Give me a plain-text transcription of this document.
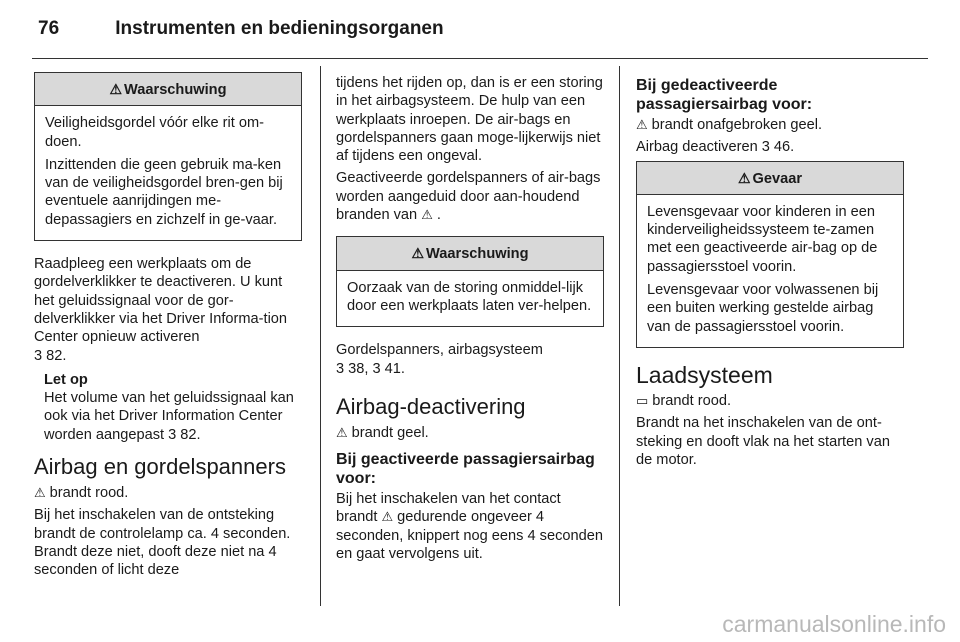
76	Instrumenten en bedieningsorganen
⚠ Waarschuwing

Veiligheidsgordel vóór elke rit om-doen.

Inzittenden die geen gebruik ma-ken van de veiligheidsgordel bren-gen bij eventuele aanrijdingen me-depassagiers en zichzelf in ge-vaar.

Raadpleeg een werkplaats om de gordelverklikker te deactiveren. U kunt het geluidssignaal voor de gor-delverklikker via het Driver Informa-tion Center opnieuw activeren
3 82.

Let op
Het volume van het geluidssignaal kan ook via het Driver Information Center worden aangepast 3 82.
Airbag en gordelspanners

⚠ brandt rood.

Bij het inschakelen van de ontsteking brandt de controlelamp ca. 4 seconden. Brandt deze niet, dooft deze niet na 4 seconden of licht deze

tijdens het rijden op, dan is er een storing in het airbagsysteem. De hulp van een werkplaats inroepen. De air-bags en gordelspanners gaan moge-lijkerwijs niet af tijdens een ongeval.

Geactiveerde gordelspanners of air-bags worden aangeduid door aan-houdend branden van ⚠ .

⚠ Waarschuwing

Oorzaak van de storing onmiddel-lijk door een werkplaats laten ver-helpen.

Gordelspanners, airbagsysteem
3 38, 3 41.

Airbag-deactivering

⚠ brandt geel.

Bij geactiveerde passagiersairbag voor:

Bij het inschakelen van het contact brandt ⚠ gedurende ongeveer 4 seconden, knippert nog eens 4 seconden en gaat vervolgens uit.

Bij gedeactiveerde passagiersairbag voor:

⚠ brandt onafgebroken geel.

Airbag deactiveren 3 46.

⚠ Gevaar

Levensgevaar voor kinderen in een kinderveiligheidssysteem te-zamen met een geactiveerde air-bag op de passagiersstoel voorin.

Levensgevaar voor volwassenen bij een buiten werking gestelde airbag van de passagiersstoel voorin.

Laadsysteem

▭ brandt rood.

Brandt na het inschakelen van de ont-steking en dooft vlak na het starten van de motor.

carmanualsonline.info
